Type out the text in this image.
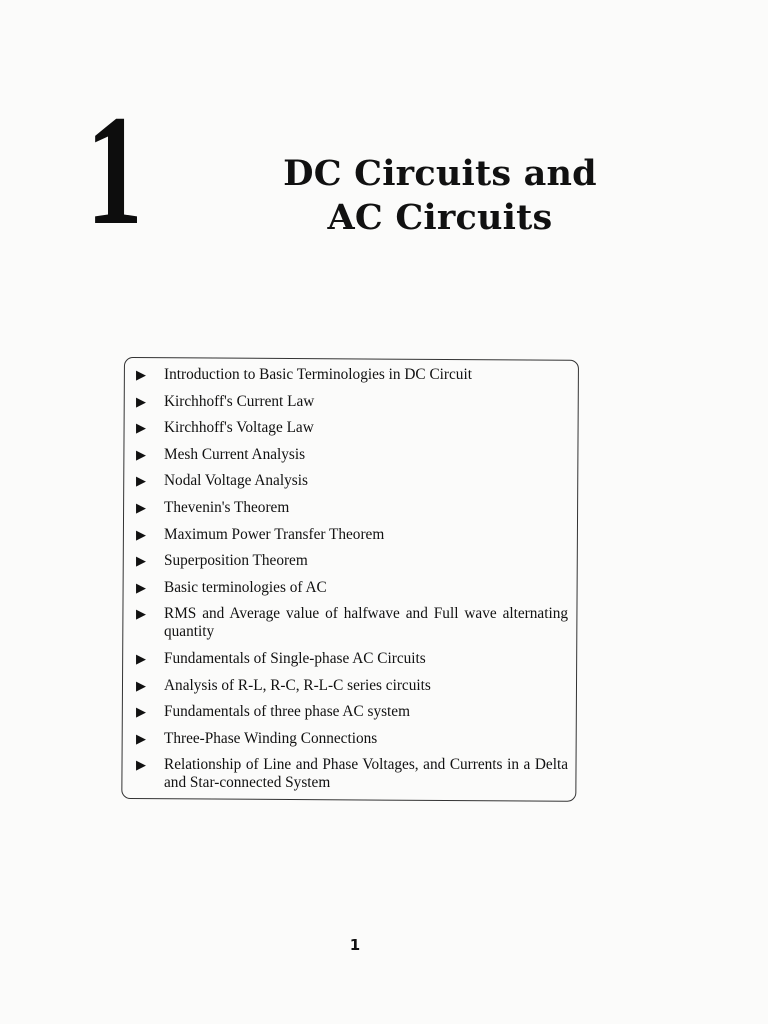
1	DC Circuits and
AC Circuits
▶ Introduction to Basic Terminologies in DC Circuit
▶ Kirchhoff's Current Law
▶ Kirchhoff's Voltage Law
▶ Mesh Current Analysis
▶ Nodal Voltage Analysis
▶ Thevenin's Theorem
▶ Maximum Power Transfer Theorem
▶ Superposition Theorem
▶ Basic terminologies of AC
▶ RMS and Average value of halfwave and Full wave alternating quantity
▶ Fundamentals of Single-phase AC Circuits
▶ Analysis of R-L, R-C, R-L-C series circuits
▶ Fundamentals of three phase AC system
▶ Three-Phase Winding Connections
▶ Relationship of Line and Phase Voltages, and Currents in a Delta and Star-connected System
1
